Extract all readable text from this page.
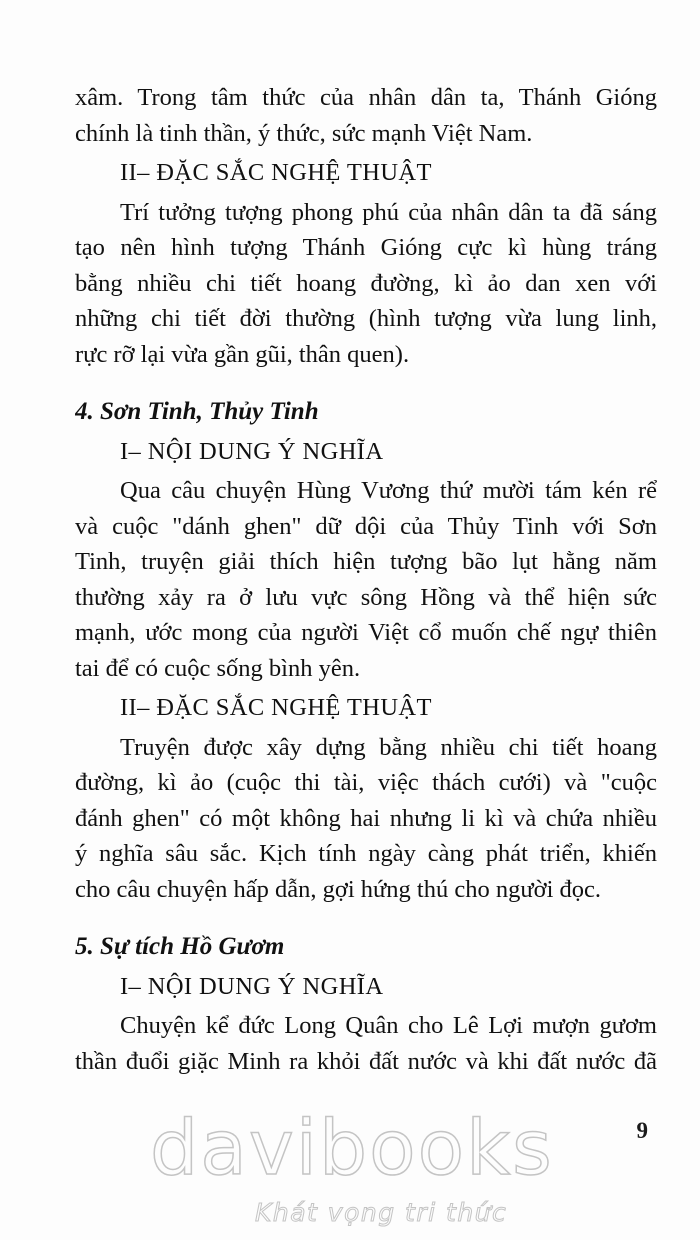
xâm. Trong tâm thức của nhân dân ta, Thánh Gióng
chính là tinh thần, ý thức, sức mạnh Việt Nam.
II– ĐẶC SẮC NGHỆ THUẬT
Trí tưởng tượng phong phú của nhân dân ta đã sáng
tạo nên hình tượng Thánh Gióng cực kì hùng tráng
bằng nhiều chi tiết hoang đường, kì ảo dan xen với
những chi tiết đời thường (hình tượng vừa lung linh,
rực rỡ lại vừa gần gũi, thân quen).
4. Sơn Tinh, Thủy Tinh
I– NỘI DUNG Ý NGHĨA
Qua câu chuyện Hùng Vương thứ mười tám kén rể
và cuộc "dánh ghen" dữ dội của Thủy Tinh với Sơn
Tinh, truyện giải thích hiện tượng bão lụt hằng năm
thường xảy ra ở lưu vực sông Hồng và thể hiện sức
mạnh, ước mong của người Việt cổ muốn chế ngự thiên
tai để có cuộc sống bình yên.
II– ĐẶC SẮC NGHỆ THUẬT
Truyện được xây dựng bằng nhiều chi tiết hoang
đường, kì ảo (cuộc thi tài, việc thách cưới) và "cuộc
đánh ghen" có một không hai nhưng li kì và chứa nhiều
ý nghĩa sâu sắc. Kịch tính ngày càng phát triển, khiến
cho câu chuyện hấp dẫn, gợi hứng thú cho người đọc.
5. Sự tích Hồ Gươm
I– NỘI DUNG Ý NGHĨA
Chuyện kể đức Long Quân cho Lê Lợi mượn gươm
thần đuổi giặc Minh ra khỏi đất nước và khi đất nước đã
9
davibooks
Khát vọng tri thức
